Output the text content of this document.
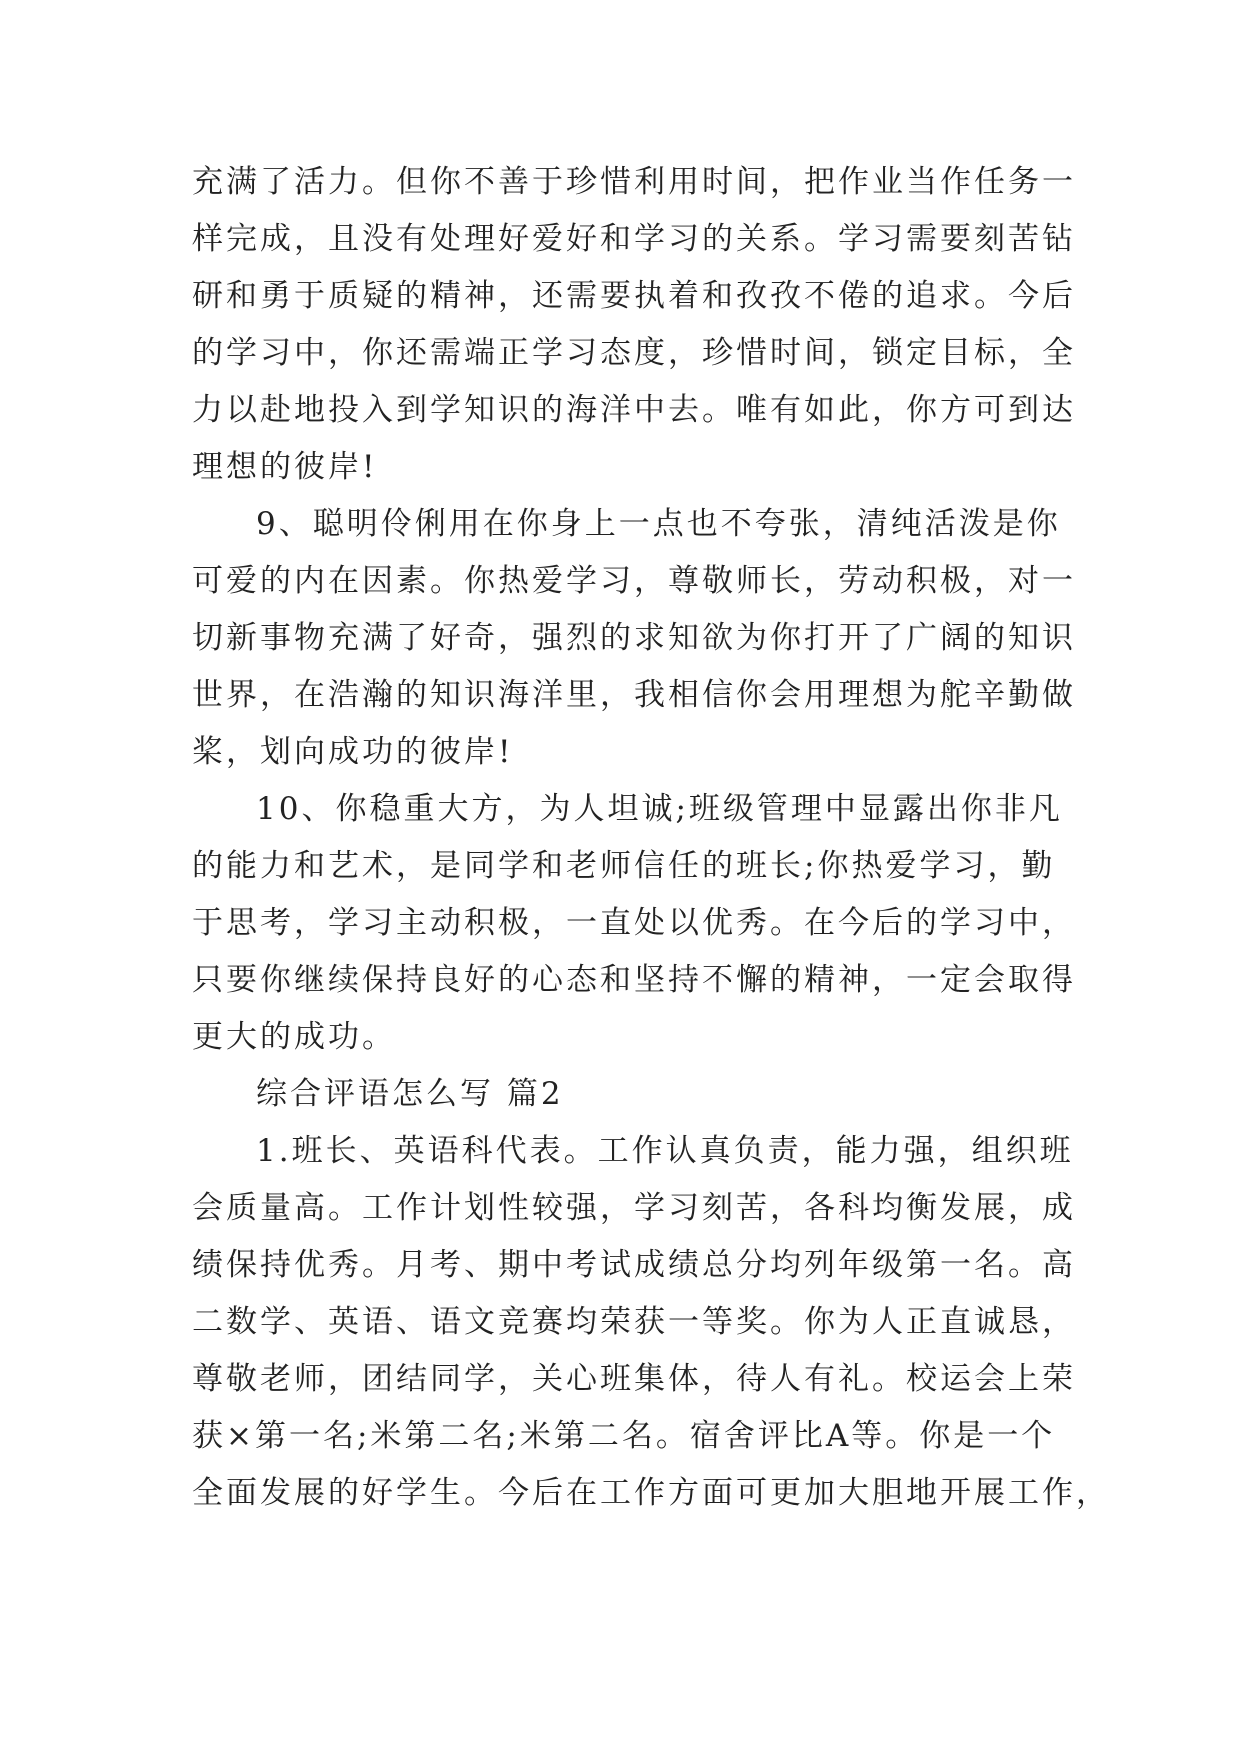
充满了活力。但你不善于珍惜利用时间，把作业当作任务一
样完成，且没有处理好爱好和学习的关系。学习需要刻苦钻
研和勇于质疑的精神，还需要执着和孜孜不倦的追求。今后
的学习中，你还需端正学习态度，珍惜时间，锁定目标，全
力以赴地投入到学知识的海洋中去。唯有如此，你方可到达
理想的彼岸!
9、聪明伶俐用在你身上一点也不夸张，清纯活泼是你
可爱的内在因素。你热爱学习，尊敬师长，劳动积极，对一
切新事物充满了好奇，强烈的求知欲为你打开了广阔的知识
世界，在浩瀚的知识海洋里，我相信你会用理想为舵辛勤做
桨，划向成功的彼岸!
10、你稳重大方，为人坦诚;班级管理中显露出你非凡
的能力和艺术，是同学和老师信任的班长;你热爱学习，勤
于思考，学习主动积极，一直处以优秀。在今后的学习中，
只要你继续保持良好的心态和坚持不懈的精神，一定会取得
更大的成功。
综合评语怎么写 篇2
1.班长、英语科代表。工作认真负责，能力强，组织班
会质量高。工作计划性较强，学习刻苦，各科均衡发展，成
绩保持优秀。月考、期中考试成绩总分均列年级第一名。高
二数学、英语、语文竞赛均荣获一等奖。你为人正直诚恳，
尊敬老师，团结同学，关心班集体，待人有礼。校运会上荣
获×第一名;米第二名;米第二名。宿舍评比A等。你是一个
全面发展的好学生。今后在工作方面可更加大胆地开展工作，
